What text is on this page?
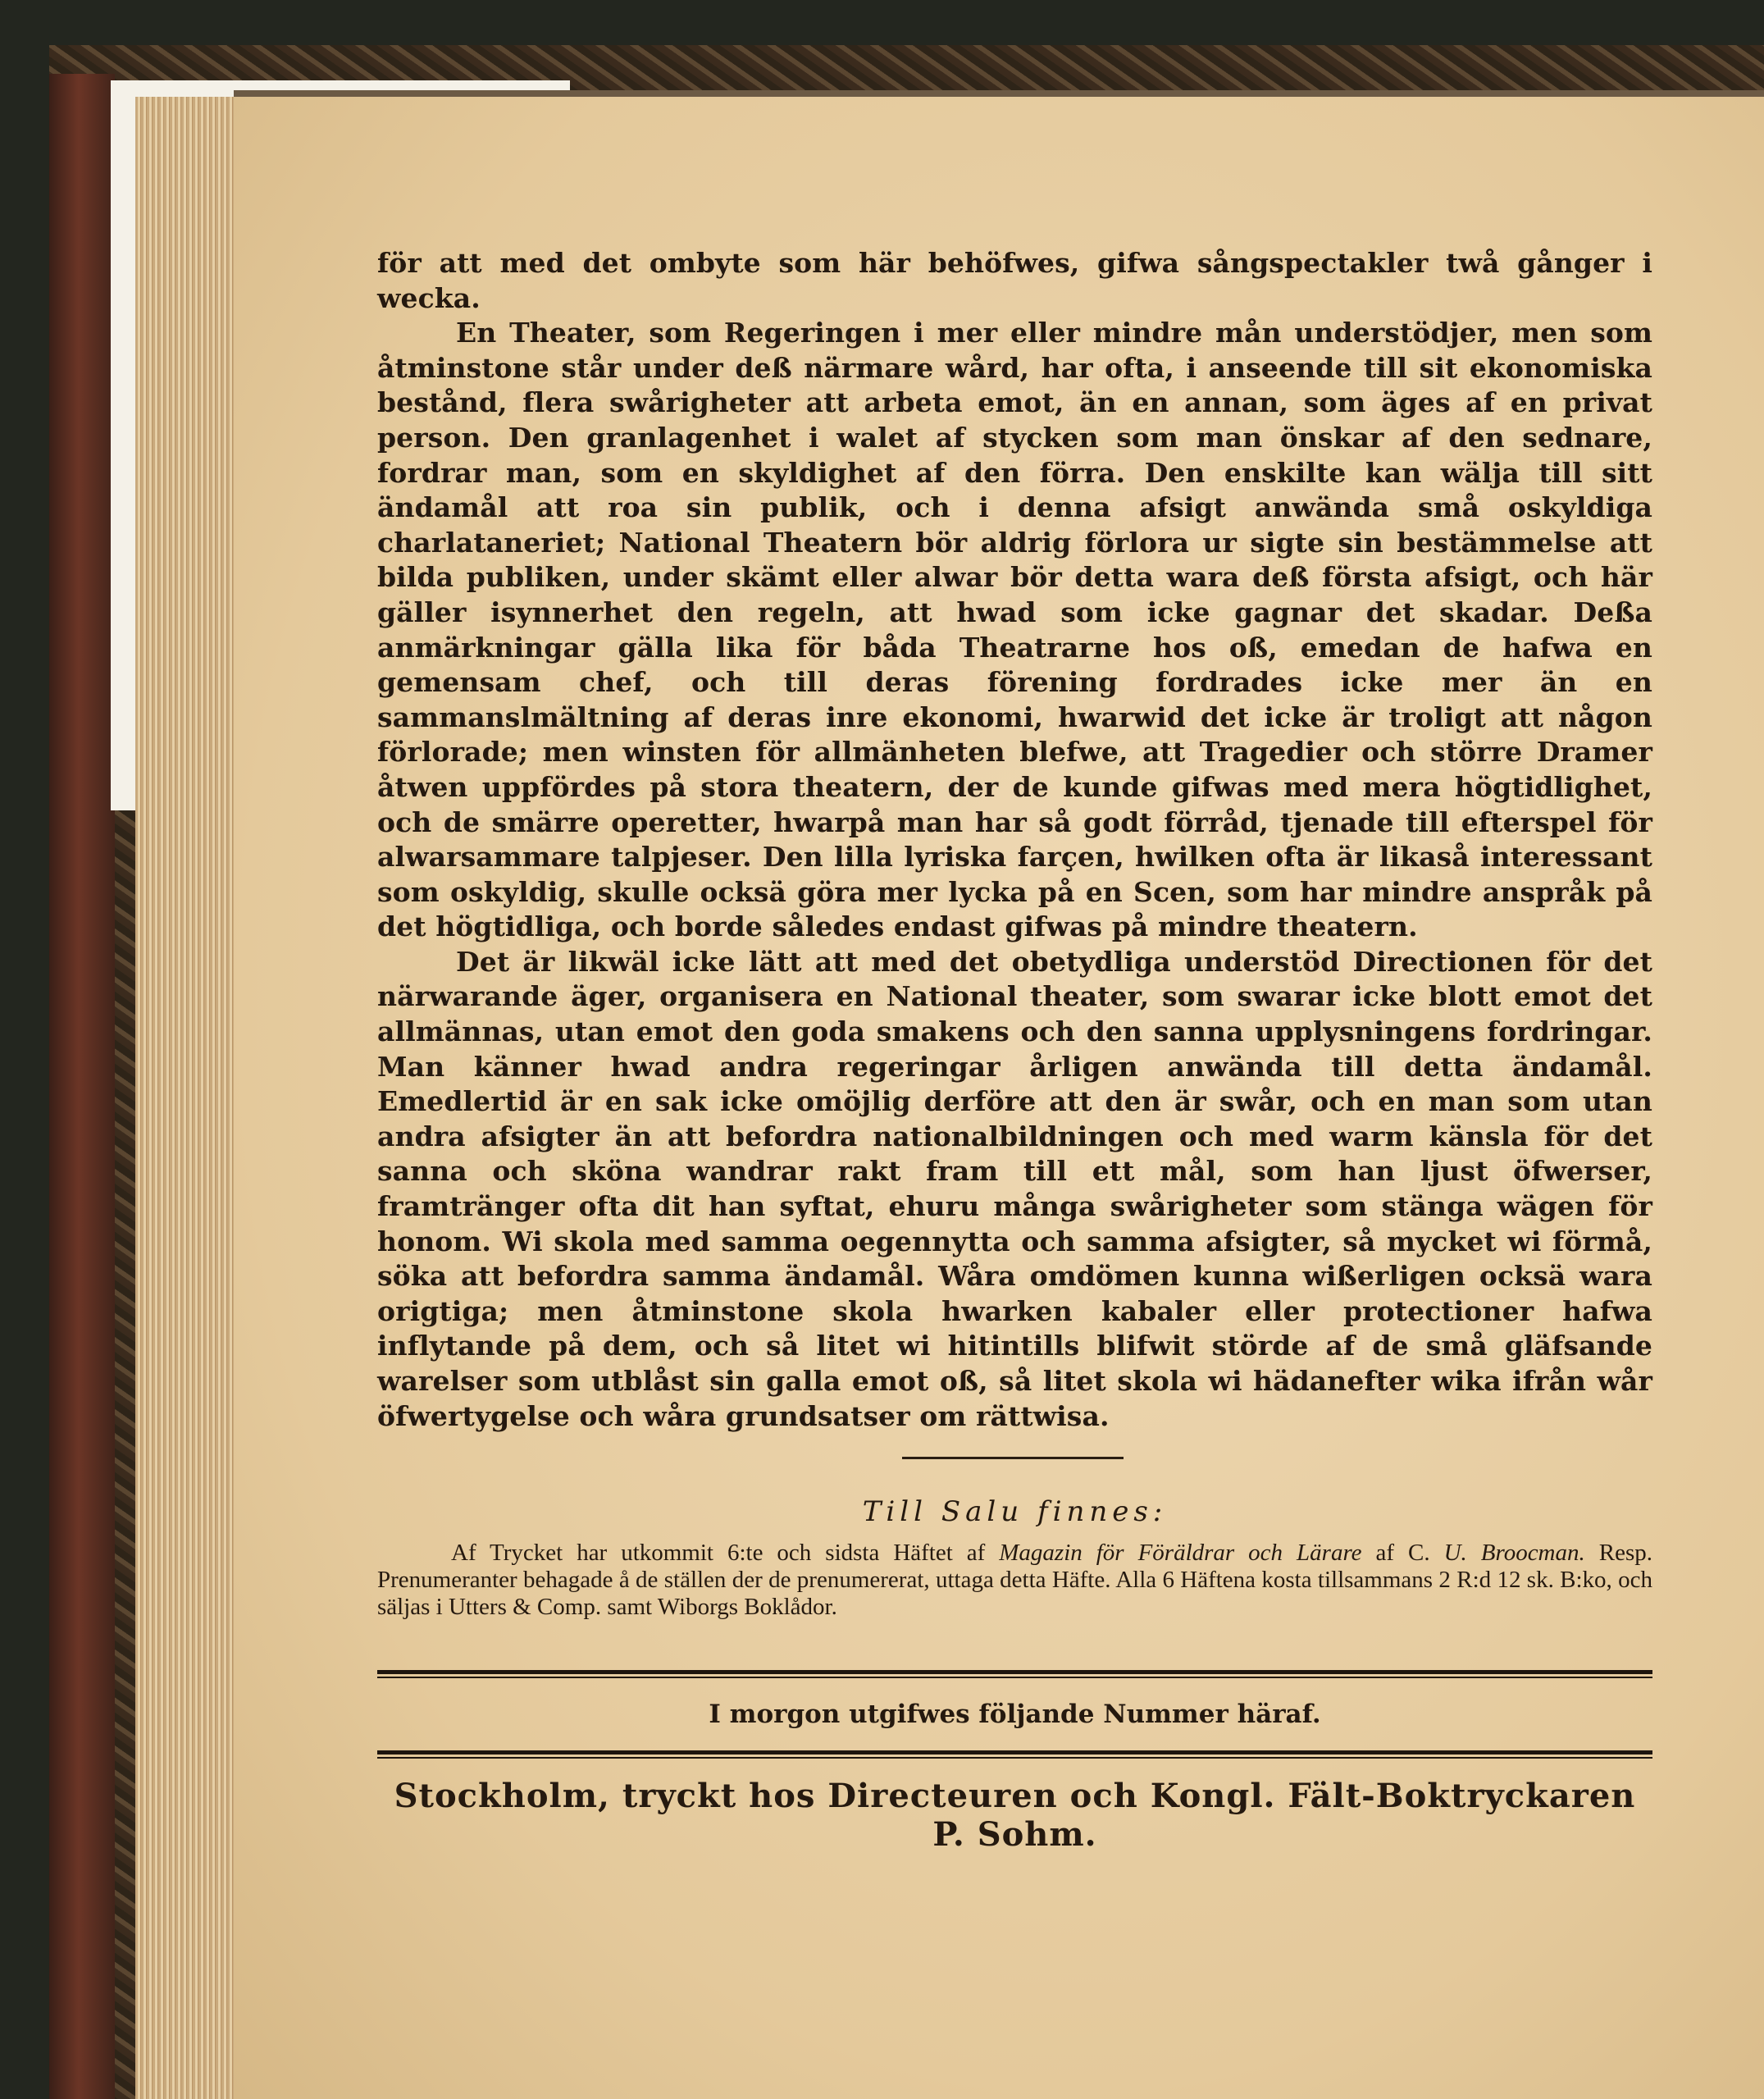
för att med det ombyte som här behöfwes, gifwa sångspectakler twå gånger i wecka.

En Theater, som Regeringen i mer eller mindre mån understödjer, men som åtminstone står under deß närmare wård, har ofta, i anseende till sit ekonomiska bestånd, flera swårigheter att arbeta emot, än en annan, som äges af en privat person. Den granlagenhet i walet af stycken som man önskar af den sednare, fordrar man, som en skyldighet af den förra. Den enskilte kan wälja till sitt ändamål att roa sin publik, och i denna afsigt anwända små oskyldiga charlataneriet; National Theatern bör aldrig förlora ur sigte sin bestämmelse att bilda publiken, under skämt eller alwar bör detta wara deß första afsigt, och här gäller isynnerhet den regeln, att hwad som icke gagnar det skadar. Deßa anmärkningar gälla lika för båda Theatrarne hos oß, emedan de hafwa en gemensam chef, och till deras förening fordrades icke mer än en sammanslmältning af deras inre ekonomi, hwarwid det icke är troligt att någon förlorade; men winsten för allmänheten blefwe, att Tragedier och större Dramer åtwen uppfördes på stora theatern, der de kunde gifwas med mera högtidlighet, och de smärre operetter, hwarpå man har så godt förråd, tjenade till efterspel för alwarsammare talpjeser. Den lilla lyriska farçen, hwilken ofta är likaså interessant som oskyldig, skulle ocksä göra mer lycka på en Scen, som har mindre anspråk på det högtidliga, och borde således endast gifwas på mindre theatern.

Det är likwäl icke lätt att med det obetydliga understöd Directionen för det närwarande äger, organisera en National theater, som swarar icke blott emot det allmännas, utan emot den goda smakens och den sanna upplysningens fordringar. Man känner hwad andra regeringar årligen anwända till detta ändamål. Emedlertid är en sak icke omöjlig derföre att den är swår, och en man som utan andra afsigter än att befordra nationalbildningen och med warm känsla för det sanna och sköna wandrar rakt fram till ett mål, som han ljust öfwerser, framtränger ofta dit han syftat, ehuru många swårigheter som stänga wägen för honom. Wi skola med samma oegennytta och samma afsigter, så mycket wi förmå, söka att befordra samma ändamål. Wåra omdömen kunna wißerligen ocksä wara origtiga; men åtminstone skola hwarken kabaler eller protectioner hafwa inflytande på dem, och så litet wi hitintills blifwit störde af de små gläfsande warelser som utblåst sin galla emot oß, så litet skola wi hädanefter wika ifrån wår öfwertygelse och wåra grundsatser om rättwisa.

Till Salu finnes:

Af Trycket har utkommit 6:te och sidsta Häftet af Magazin för Föräldrar och Lärare af C. U. Broocman. Resp. Prenumeranter behagade å de ställen der de prenumererat, uttaga detta Häfte. Alla 6 Häftena kosta tillsammans 2 R:d 12 sk. B:ko, och säljas i Utters & Comp. samt Wiborgs Boklådor.

I morgon utgifwes följande Nummer häraf.

Stockholm, tryckt hos Directeuren och Kongl. Fält-Boktryckaren P. Sohm.
